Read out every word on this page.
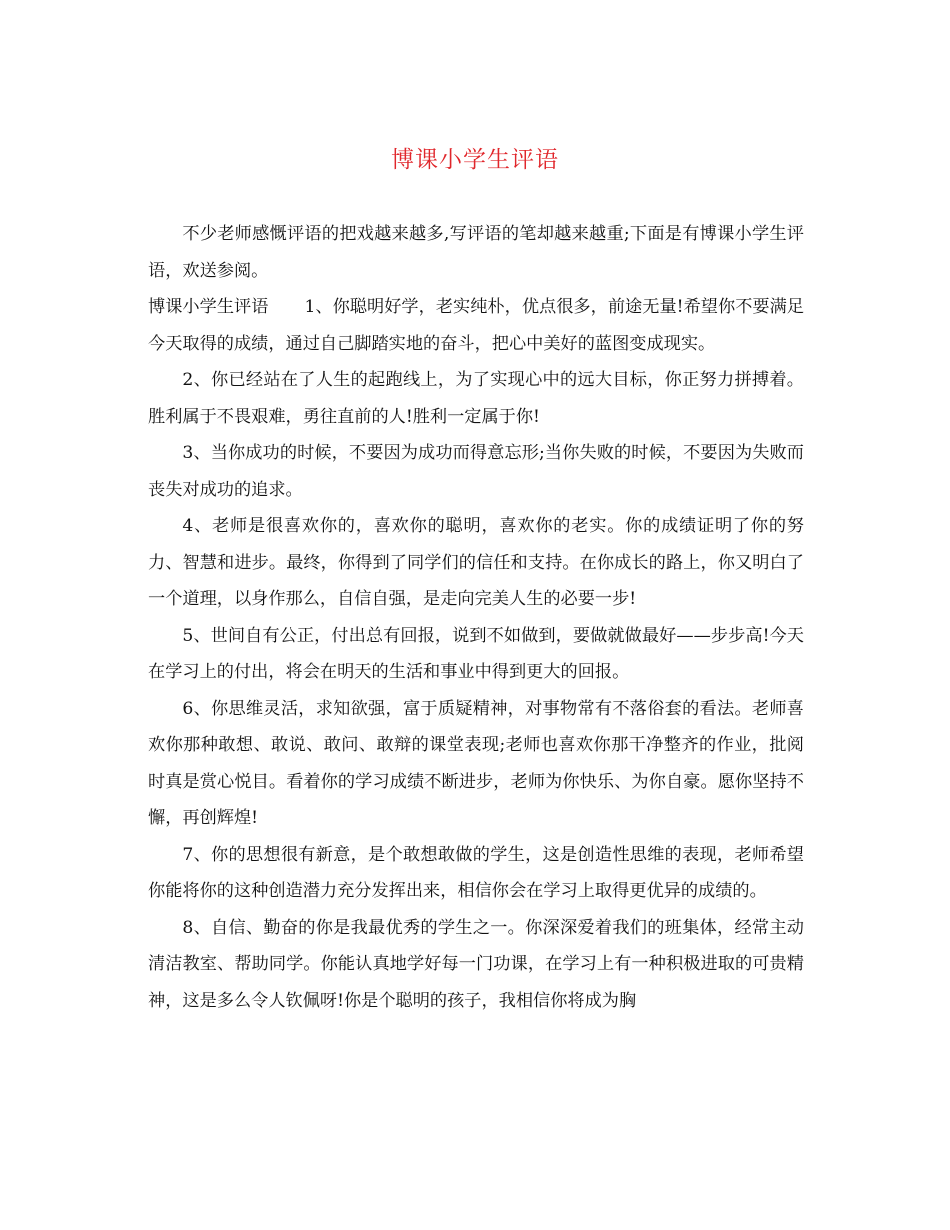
博课小学生评语

不少老师感慨评语的把戏越来越多,写评语的笔却越来越重;下面是有博课小学生评语，欢送参阅。

博课小学生评语 1、你聪明好学，老实纯朴，优点很多，前途无量!希望你不要满足今天取得的成绩，通过自己脚踏实地的奋斗，把心中美好的蓝图变成现实。

2、你已经站在了人生的起跑线上，为了实现心中的远大目标，你正努力拼搏着。胜利属于不畏艰难，勇往直前的人!胜利一定属于你!

3、当你成功的时候，不要因为成功而得意忘形;当你失败的时候，不要因为失败而丧失对成功的追求。

4、老师是很喜欢你的，喜欢你的聪明，喜欢你的老实。你的成绩证明了你的努力、智慧和进步。最终，你得到了同学们的信任和支持。在你成长的路上，你又明白了一个道理，以身作那么，自信自强，是走向完美人生的必要一步!

5、世间自有公正，付出总有回报，说到不如做到，要做就做最好——步步高!今天在学习上的付出，将会在明天的生活和事业中得到更大的回报。

6、你思维灵活，求知欲强，富于质疑精神，对事物常有不落俗套的看法。老师喜欢你那种敢想、敢说、敢问、敢辩的课堂表现;老师也喜欢你那干净整齐的作业，批阅时真是赏心悦目。看着你的学习成绩不断进步，老师为你快乐、为你自豪。愿你坚持不懈，再创辉煌!

7、你的思想很有新意，是个敢想敢做的学生，这是创造性思维的表现，老师希望你能将你的这种创造潜力充分发挥出来，相信你会在学习上取得更优异的成绩的。

8、自信、勤奋的你是我最优秀的学生之一。你深深爱着我们的班集体，经常主动清洁教室、帮助同学。你能认真地学好每一门功课，在学习上有一种积极进取的可贵精神，这是多么令人钦佩呀!你是个聪明的孩子，我相信你将成为胸
